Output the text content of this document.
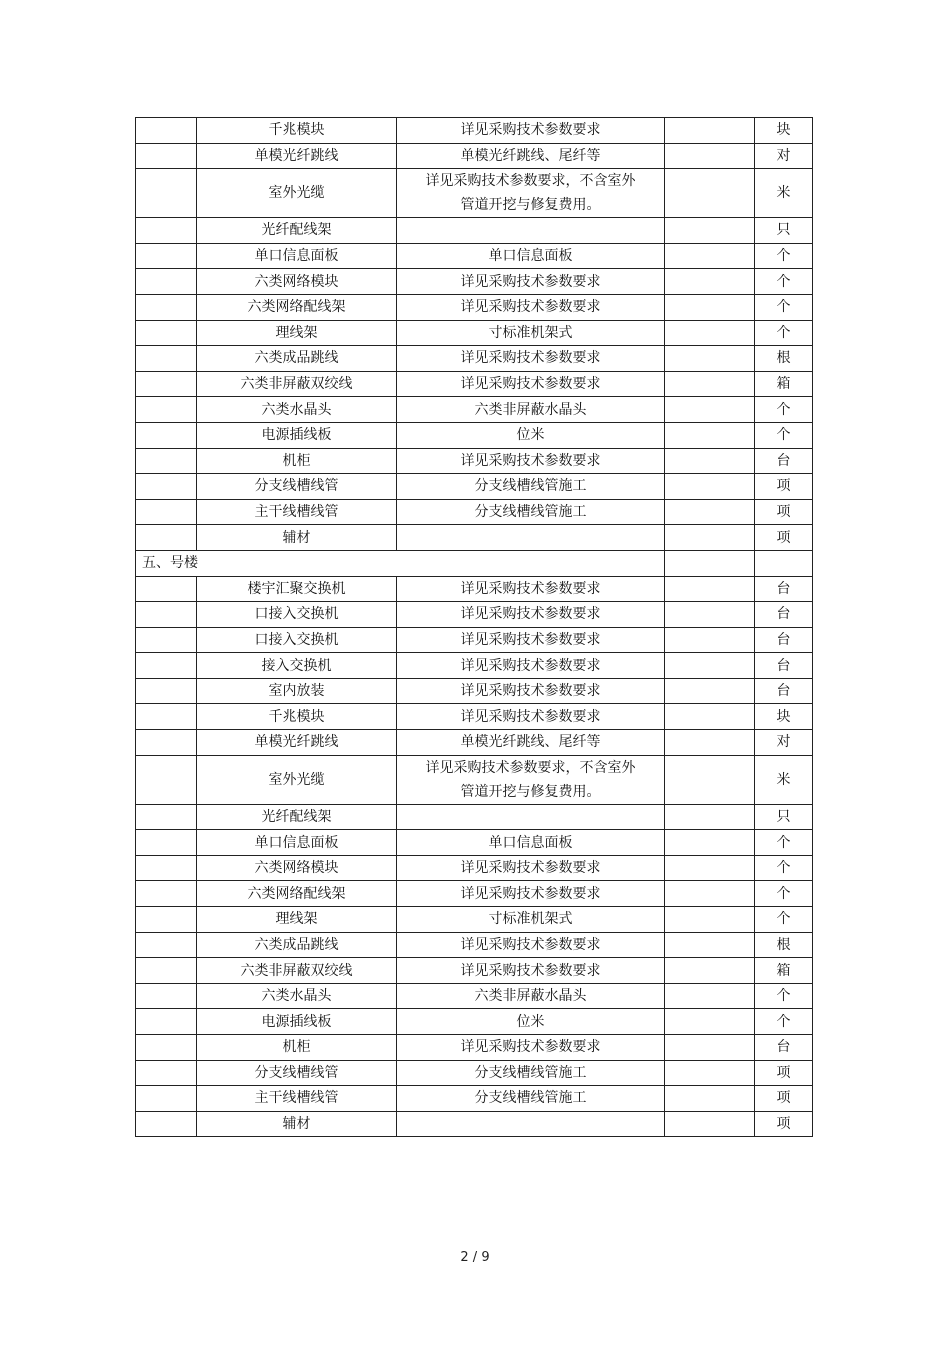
	千兆模块	详见采购技术参数要求		块
	单模光纤跳线	单模光纤跳线、尾纤等		对
	室外光缆	详见采购技术参数要求，不含室外管道开挖与修复费用。		米
	光纤配线架			只
	单口信息面板	单口信息面板		个
	六类网络模块	详见采购技术参数要求		个
	六类网络配线架	详见采购技术参数要求		个
	理线架	寸标准机架式		个
	六类成品跳线	详见采购技术参数要求		根
	六类非屏蔽双绞线	详见采购技术参数要求		箱
	六类水晶头	六类非屏蔽水晶头		个
	电源插线板	位米		个
	机柜	详见采购技术参数要求		台
	分支线槽线管	分支线槽线管施工		项
	主干线槽线管	分支线槽线管施工		项
	辅材			项
五、号楼				
	楼宇汇聚交换机	详见采购技术参数要求		台
	口接入交换机	详见采购技术参数要求		台
	口接入交换机	详见采购技术参数要求		台
	接入交换机	详见采购技术参数要求		台
	室内放装	详见采购技术参数要求		台
	千兆模块	详见采购技术参数要求		块
	单模光纤跳线	单模光纤跳线、尾纤等		对
	室外光缆	详见采购技术参数要求，不含室外管道开挖与修复费用。		米
	光纤配线架			只
	单口信息面板	单口信息面板		个
	六类网络模块	详见采购技术参数要求		个
	六类网络配线架	详见采购技术参数要求		个
	理线架	寸标准机架式		个
	六类成品跳线	详见采购技术参数要求		根
	六类非屏蔽双绞线	详见采购技术参数要求		箱
	六类水晶头	六类非屏蔽水晶头		个
	电源插线板	位米		个
	机柜	详见采购技术参数要求		台
	分支线槽线管	分支线槽线管施工		项
	主干线槽线管	分支线槽线管施工		项
	辅材			项
2 / 9
